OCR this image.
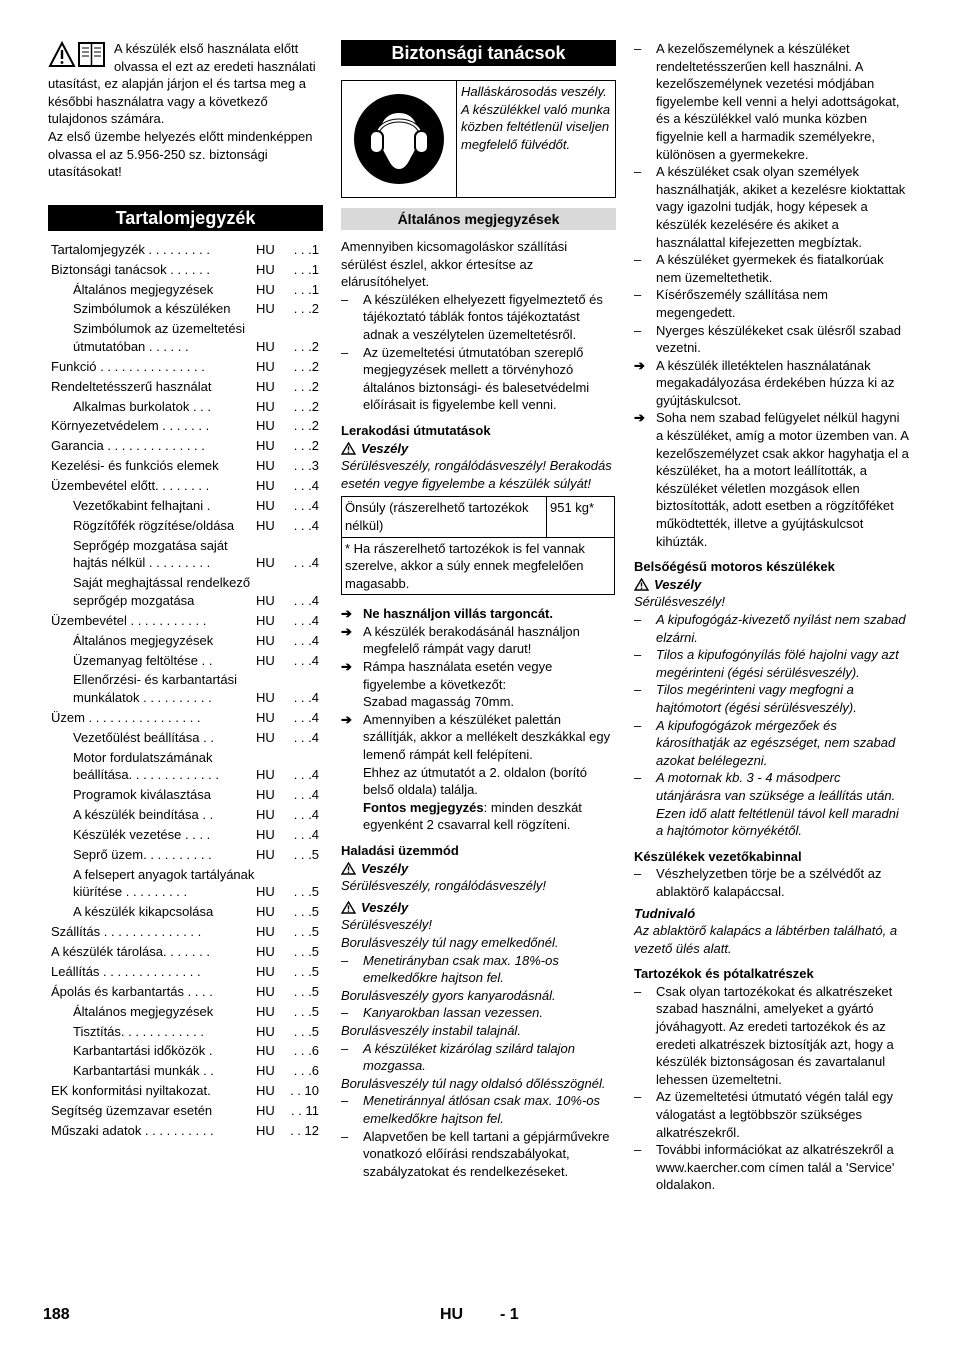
A készülék első használata előtt olvassa el ezt az eredeti használati utasítást, ez alapján járjon el és tartsa meg a későbbi használatra vagy a következő tulajdonos számára.

Az első üzembe helyezés előtt mindenképpen olvassa el az 5.956-250 sz. biztonsági utasításokat!

Tartalomjegyzék
Tartalomjegyzék . . . . . . . . .	HU	. . .1
Biztonsági tanácsok . . . . . .	HU	. . .1
Általános megjegyzések	HU	. . .1
Szimbólumok a készüléken	HU	. . .2
Szimbólumok az üzemeltetési útmutatóban . . . . . .	HU	. . .2
Funkció . . . . . . . . . . . . . . .	HU	. . .2
Rendeltetésszerű használat	HU	. . .2
Alkalmas burkolatok . . .	HU	. . .2
Környezetvédelem . . . . . . .	HU	. . .2
Garancia . . . . . . . . . . . . . .	HU	. . .2
Kezelési- és funkciós elemek	HU	. . .3
Üzembevétel előtt. . . . . . . .	HU	. . .4
Vezetőkabint felhajtani .	HU	. . .4
Rögzítőfék rögzítése/oldása	HU	. . .4
Seprőgép mozgatása saját hajtás nélkül . . . . . . . . .	HU	. . .4
Saját meghajtással rendelkező seprőgép mozgatása	HU	. . .4
Üzembevétel . . . . . . . . . . .	HU	. . .4
Általános megjegyzések	HU	. . .4
Üzemanyag feltöltése . .	HU	. . .4
Ellenőrzési- és karbantartási munkálatok . . . . . . . . . .	HU	. . .4
Üzem . . . . . . . . . . . . . . . .	HU	. . .4
Vezetőülést beállítása . .	HU	. . .4
Motor fordulatszámának beállítása. . . . . . . . . . . . .	HU	. . .4
Programok kiválasztása	HU	. . .4
A készülék beindítása . .	HU	. . .4
Készülék vezetése . . . .	HU	. . .4
Seprő üzem. . . . . . . . . .	HU	. . .5
A felsepert anyagok tartályának kiürítése . . . . . . . . .	HU	. . .5
A készülék kikapcsolása	HU	. . .5
Szállítás . . . . . . . . . . . . . .	HU	. . .5
A készülék tárolása. . . . . . .	HU	. . .5
Leállítás . . . . . . . . . . . . . .	HU	. . .5
Ápolás és karbantartás . . . .	HU	. . .5
Általános megjegyzések	HU	. . .5
Tisztítás. . . . . . . . . . . .	HU	. . .5
Karbantartási időközök .	HU	. . .6
Karbantartási munkák . .	HU	. . .6
EK konformitási nyiltakozat.	HU	. . 10
Segítség üzemzavar esetén	HU	. . 11
Műszaki adatok . . . . . . . . . .	HU	. . 12
Biztonsági tanácsok
Halláskárosodás veszély. A készülékkel való munka közben feltétlenül viseljen megfelelő fülvédőt.
Általános megjegyzések

Amennyiben kicsomagoláskor szállítási sérülést észlel, akkor értesítse az elárusítóhelyet.

–	A készüléken elhelyezett figyelmeztető és tájékoztató táblák fontos tájékoztatást adnak a veszélytelen üzemeltetésről.
–	Az üzemeltetési útmutatóban szereplő megjegyzések mellett a törvényhozó általános biztonsági- és balesetvédelmi előírásait is figyelembe kell venni.
Lerakodási útmutatások
Veszély

Sérülésveszély, rongálódásveszély! Berakodás esetén vegye figyelembe a készülék súlyát!

Önsúly (rászerelhető tartozékok nélkül)	951 kg*
* Ha rászerelhető tartozékok is fel vannak szerelve, akkor a súly ennek megfelelően magasabb.
➔ Ne használjon villás targoncát.
➔ A készülék berakodásánál használjon megfelelő rámpát vagy darut!
➔ Rámpa használata esetén vegye figyelembe a következőt:

Szabad magasság 70mm.

➔ Amennyiben a készüléket palettán szállítják, akkor a mellékelt deszkákkal egy lemenő rámpát kell felépíteni.

Ehhez az útmutatót a 2. oldalon (borító belső oldala) találja.

Fontos megjegyzés: minden deszkát egyenként 2 csavarral kell rögzíteni.

Haladási üzemmód
Veszély

Sérülésveszély, rongálódásveszély!

Veszély

Sérülésveszély!

Borulásveszély túl nagy emelkedőnél.

–	Menetirányban csak max. 18%-os emelkedőkre hajtson fel.

Borulásveszély gyors kanyarodásnál.

–	Kanyarokban lassan vezessen.

Borulásveszély instabil talajnál.

–	A készüléket kizárólag szilárd talajon mozgassa.

Borulásveszély túl nagy oldalsó dőlésszögnél.

–	Menetiránnyal átlósan csak max. 10%-os emelkedőkre hajtson fel.
–	Alapvetően be kell tartani a gépjárművekre vonatkozó előírási rendszabályokat, szabályzatokat és rendelkezéseket.
–	A kezelőszemélynek a készüléket rendeltetésszerűen kell használni. A kezelőszemélynek vezetési módjában figyelembe kell venni a helyi adottságokat, és a készülékkel való munka közben figyelnie kell a harmadik személyekre, különösen a gyermekekre.
–	A készüléket csak olyan személyek használhatják, akiket a kezelésre kioktattak vagy igazolni tudják, hogy képesek a készülék kezelésére és akiket a használattal kifejezetten megbíztak.
–	A készüléket gyermekek és fiatalkorúak nem üzemeltethetik.
–	Kísérőszemély szállítása nem megengedett.
–	Nyerges készülékeket csak ülésről szabad vezetni.
➔ A készülék illetéktelen használatának megakadályozása érdekében húzza ki az gyújtáskulcsot.
➔ Soha nem szabad felügyelet nélkül hagyni a készüléket, amíg a motor üzemben van. A kezelőszemélyzet csak akkor hagyhatja el a készüléket, ha a motort leállították, a készüléket véletlen mozgások ellen biztosították, adott esetben a rögzítőféket működtették, illetve a gyújtáskulcsot kihúzták.
Belsőégésű motoros készülékek
Veszély

Sérülésveszély!

–	A kipufogógáz-kivezető nyílást nem szabad elzárni.
–	Tilos a kipufogónyílás fölé hajolni vagy azt megérinteni (égési sérülésveszély).
–	Tilos megérinteni vagy megfogni a hajtómotort (égési sérülésveszély).
–	A kipufogógázok mérgezőek és károsíthatják az egészséget, nem szabad azokat belélegezni.
–	A motornak kb. 3 - 4 másodperc utánjárásra van szüksége a leállítás után. Ezen idő alatt feltétlenül távol kell maradni a hajtómotor környékétől.
Készülékek vezetőkabinnal
–	Vészhelyzetben törje be a szélvédőt az ablaktörő kalapáccsal.

Tudnivaló

Az ablaktörő kalapács a lábtérben található, a vezető ülés alatt.

Tartozékok és pótalkatrészek
–	Csak olyan tartozékokat és alkatrészeket szabad használni, amelyeket a gyártó jóváhagyott. Az eredeti tartozékok és az eredeti alkatrészek biztosítják azt, hogy a készülék biztonságosan és zavartalanul lehessen üzemeltetni.
–	Az üzemeltetési útmutató végén talál egy válogatást a legtöbbször szükséges alkatrészekről.
–	További információkat az alkatrészekről a www.kaercher.com címen talál a 'Service' oldalakon.
188	HU - 1
